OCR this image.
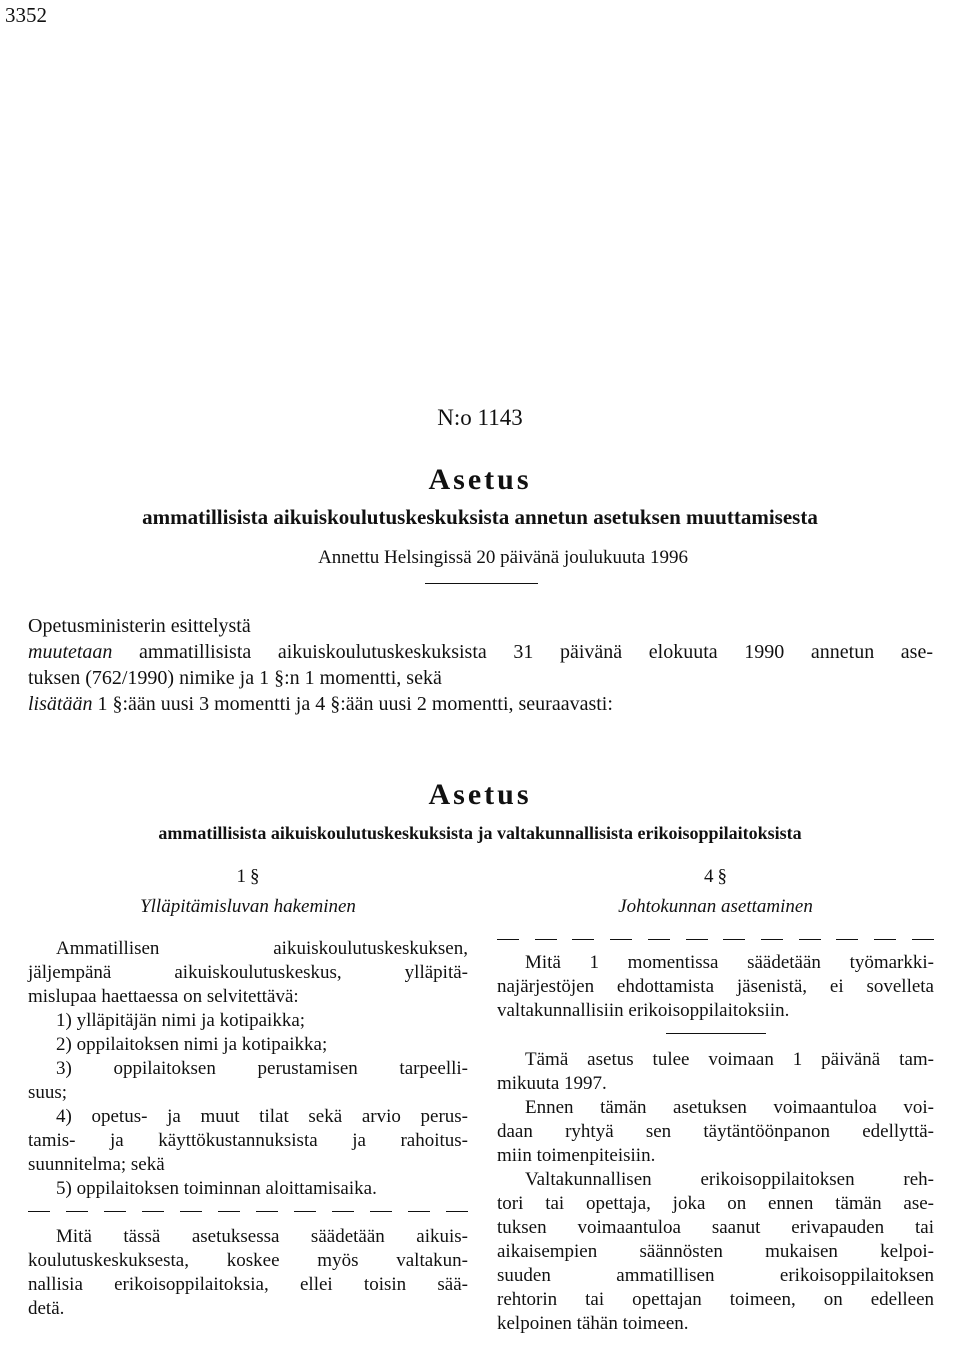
3352
N:o 1143
Asetus
ammatillisista aikuiskoulutuskeskuksista annetun asetuksen muuttamisesta
Annettu Helsingissä 20 päivänä joulukuuta 1996

Opetusministerin esittelystä

muutetaan ammatillisista aikuiskoulutuskeskuksista 31 päivänä elokuuta 1990 annetun ase-

tuksen (762/1990) nimike ja 1 §:n 1 momentti, sekä

lisätään 1 §:ään uusi 3 momentti ja 4 §:ään uusi 2 momentti, seuraavasti:

Asetus
ammatillisista aikuiskoulutuskeskuksista ja valtakunnallisista erikoisoppilaitoksista
1 §
Ylläpitämisluvan hakeminen

Ammatillisen aikuiskoulutuskeskuksen,

jäljempänä aikuiskoulutuskeskus, ylläpitä-

mislupaa haettaessa on selvitettävä:

1) ylläpitäjän nimi ja kotipaikka;

2) oppilaitoksen nimi ja kotipaikka;

3) oppilaitoksen perustamisen tarpeelli-

suus;

4) opetus- ja muut tilat sekä arvio perus-

tamis- ja käyttökustannuksista ja rahoitus-

suunnitelma; sekä

5) oppilaitoksen toiminnan aloittamisaika.

Mitä tässä asetuksessa säädetään aikuis-

koulutuskeskuksesta, koskee myös valtakun-

nallisia erikoisoppilaitoksia, ellei toisin sää-

detä.

4 §
Johtokunnan asettaminen

Mitä 1 momentissa säädetään työmarkki-

najärjestöjen ehdottamista jäsenistä, ei sovelleta

valtakunnallisiin erikoisoppilaitoksiin.

Tämä asetus tulee voimaan 1 päivänä tam-

mikuuta 1997.

Ennen tämän asetuksen voimaantuloa voi-

daan ryhtyä sen täytäntöönpanon edellyttä-

miin toimenpiteisiin.

Valtakunnallisen erikoisoppilaitoksen reh-

tori tai opettaja, joka on ennen tämän ase-

tuksen voimaantuloa saanut erivapauden tai

aikaisempien säännösten mukaisen kelpoi-

suuden ammatillisen erikoisoppilaitoksen

rehtorin tai opettajan toimeen, on edelleen

kelpoinen tähän toimeen.
